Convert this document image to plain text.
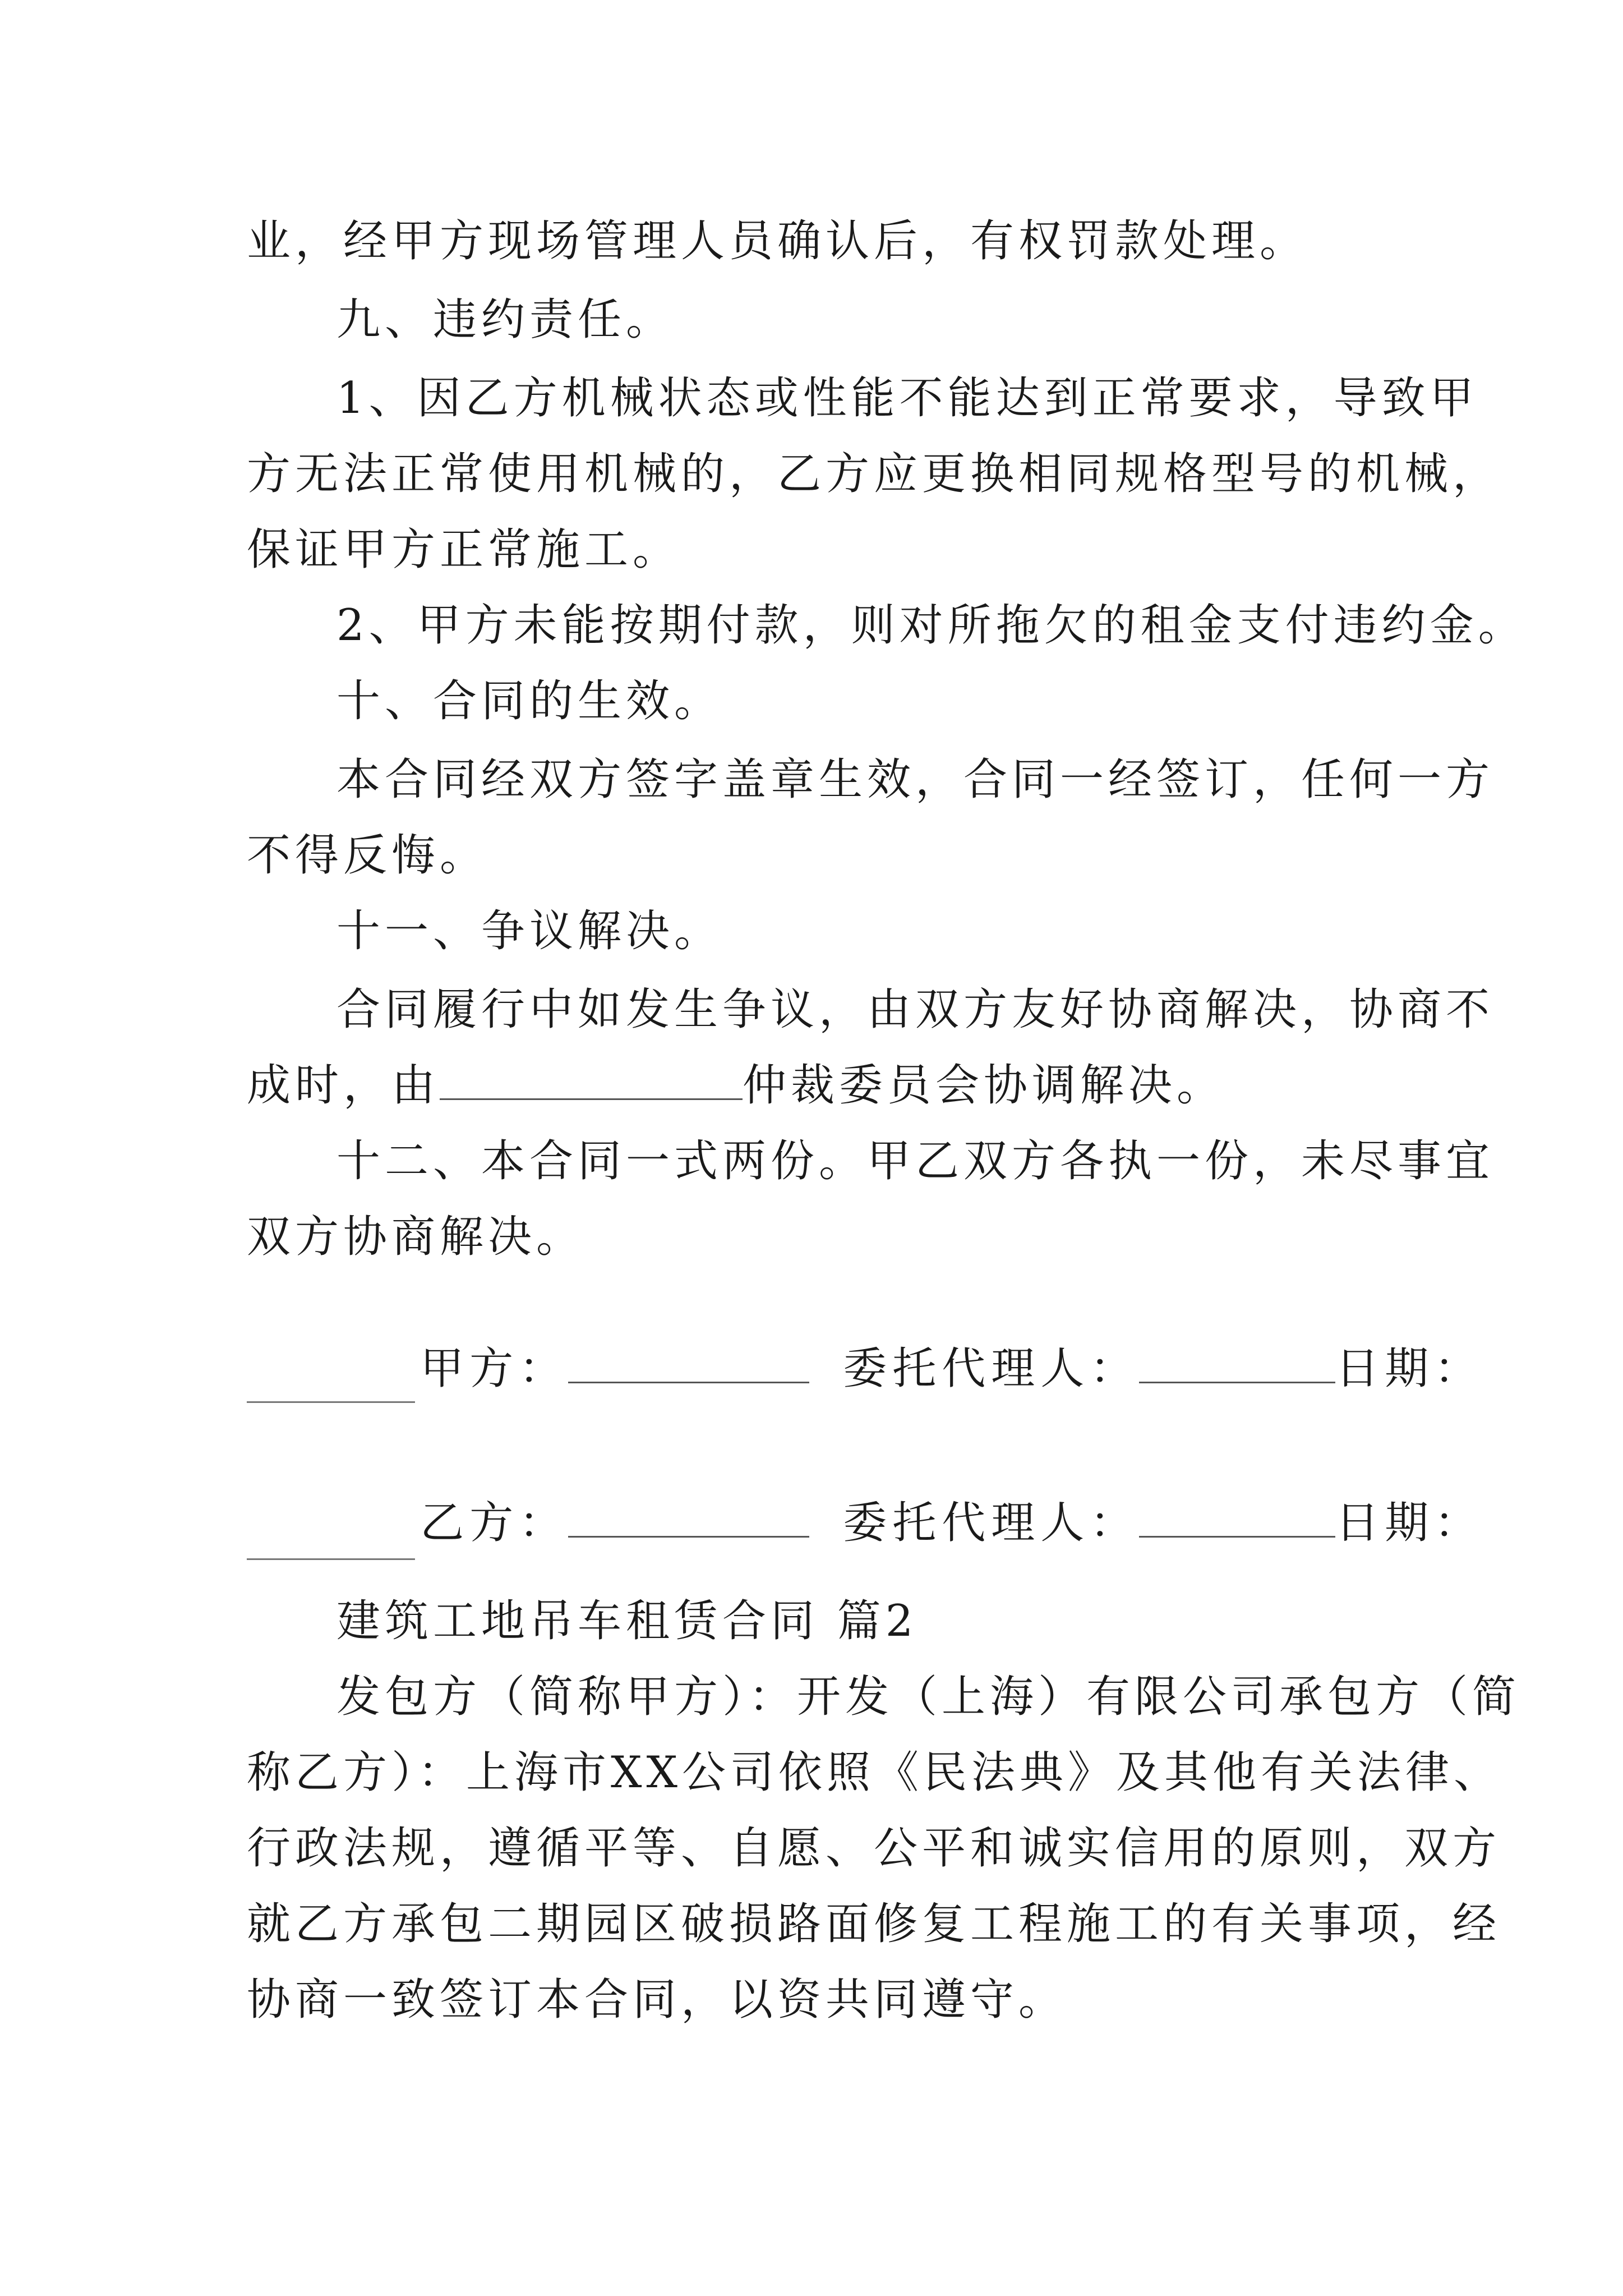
业，经甲方现场管理人员确认后，有权罚款处理。
九、违约责任。
1、因乙方机械状态或性能不能达到正常要求，导致甲
方无法正常使用机械的，乙方应更换相同规格型号的机械，
保证甲方正常施工。
2、甲方未能按期付款，则对所拖欠的租金支付违约金。
十、合同的生效。
本合同经双方签字盖章生效，合同一经签订，任何一方
不得反悔。
十一、争议解决。
合同履行中如发生争议，由双方友好协商解决，协商不
成时，由	仲裁委员会协调解决。
十二、本合同一式两份。甲乙双方各执一份，未尽事宜
双方协商解决。

甲方：	委托代理人：	日期：

乙方：	委托代理人：	日期：

建筑工地吊车租赁合同 篇2
发包方（简称甲方）：开发（上海）有限公司承包方（简
称乙方）：上海市XX公司依照《民法典》及其他有关法律、
行政法规，遵循平等、自愿、公平和诚实信用的原则，双方
就乙方承包二期园区破损路面修复工程施工的有关事项，经
协商一致签订本合同，以资共同遵守。
